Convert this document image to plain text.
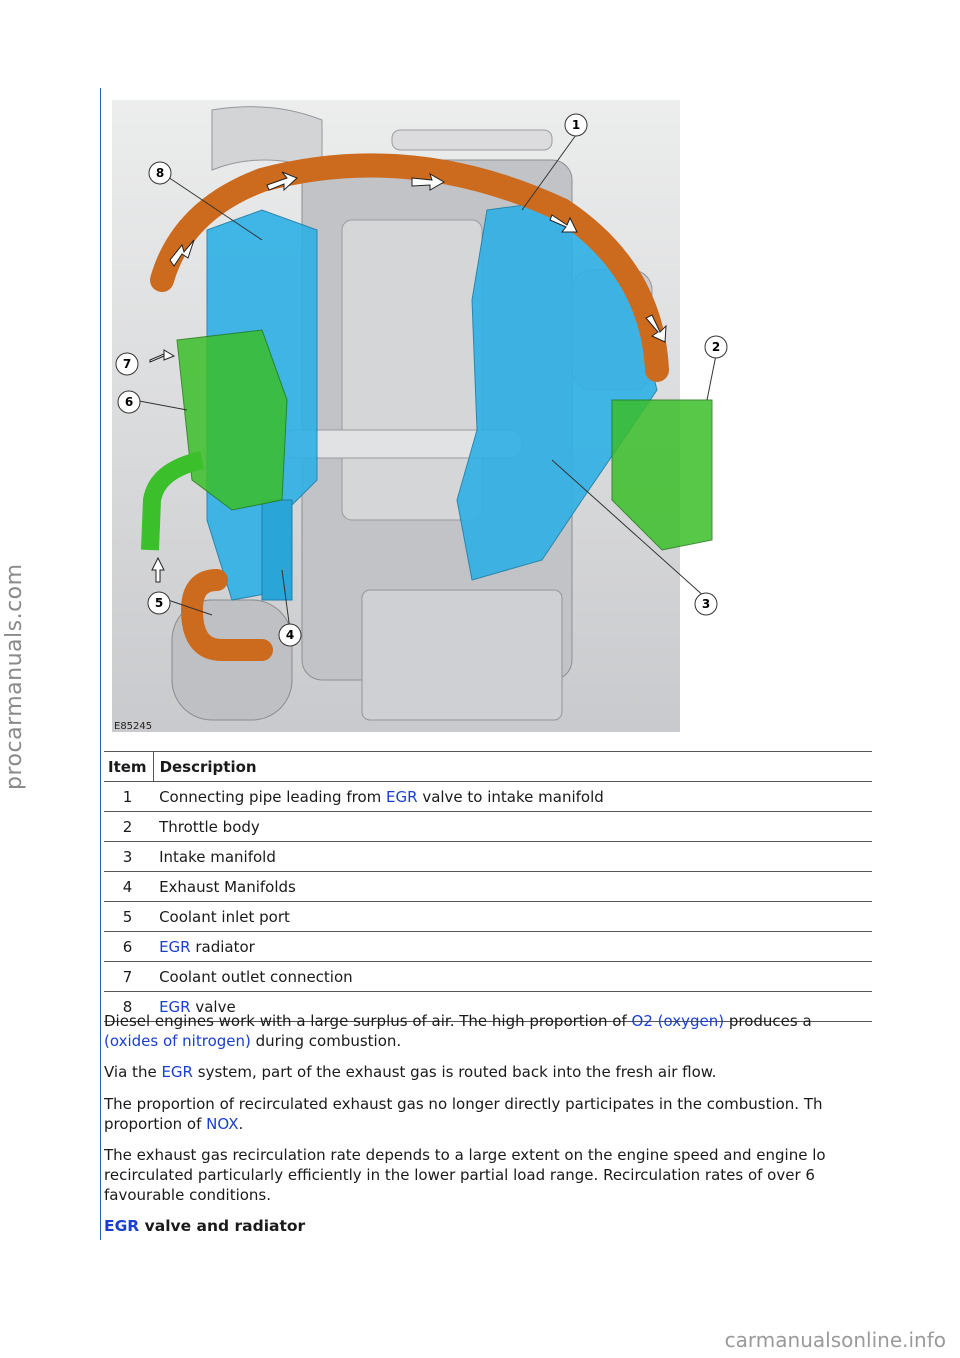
procarmanuals.com
1
2
3
4
5
6
7
8
E85245
Item	Description
1	Connecting pipe leading from EGR valve to intake manifold
2	Throttle body
3	Intake manifold
4	Exhaust Manifolds
5	Coolant inlet port
6	EGR radiator
7	Coolant outlet connection
8	EGR valve
Diesel engines work with a large surplus of air. The high proportion of O2 (oxygen) produces a
(oxides of nitrogen) during combustion.
Via the EGR system, part of the exhaust gas is routed back into the fresh air flow.
The proportion of recirculated exhaust gas no longer directly participates in the combustion. Th
proportion of NOX.
The exhaust gas recirculation rate depends to a large extent on the engine speed and engine lo
recirculated particularly efficiently in the lower partial load range. Recirculation rates of over 6
favourable conditions.
EGR valve and radiator
carmanualsonline.info
